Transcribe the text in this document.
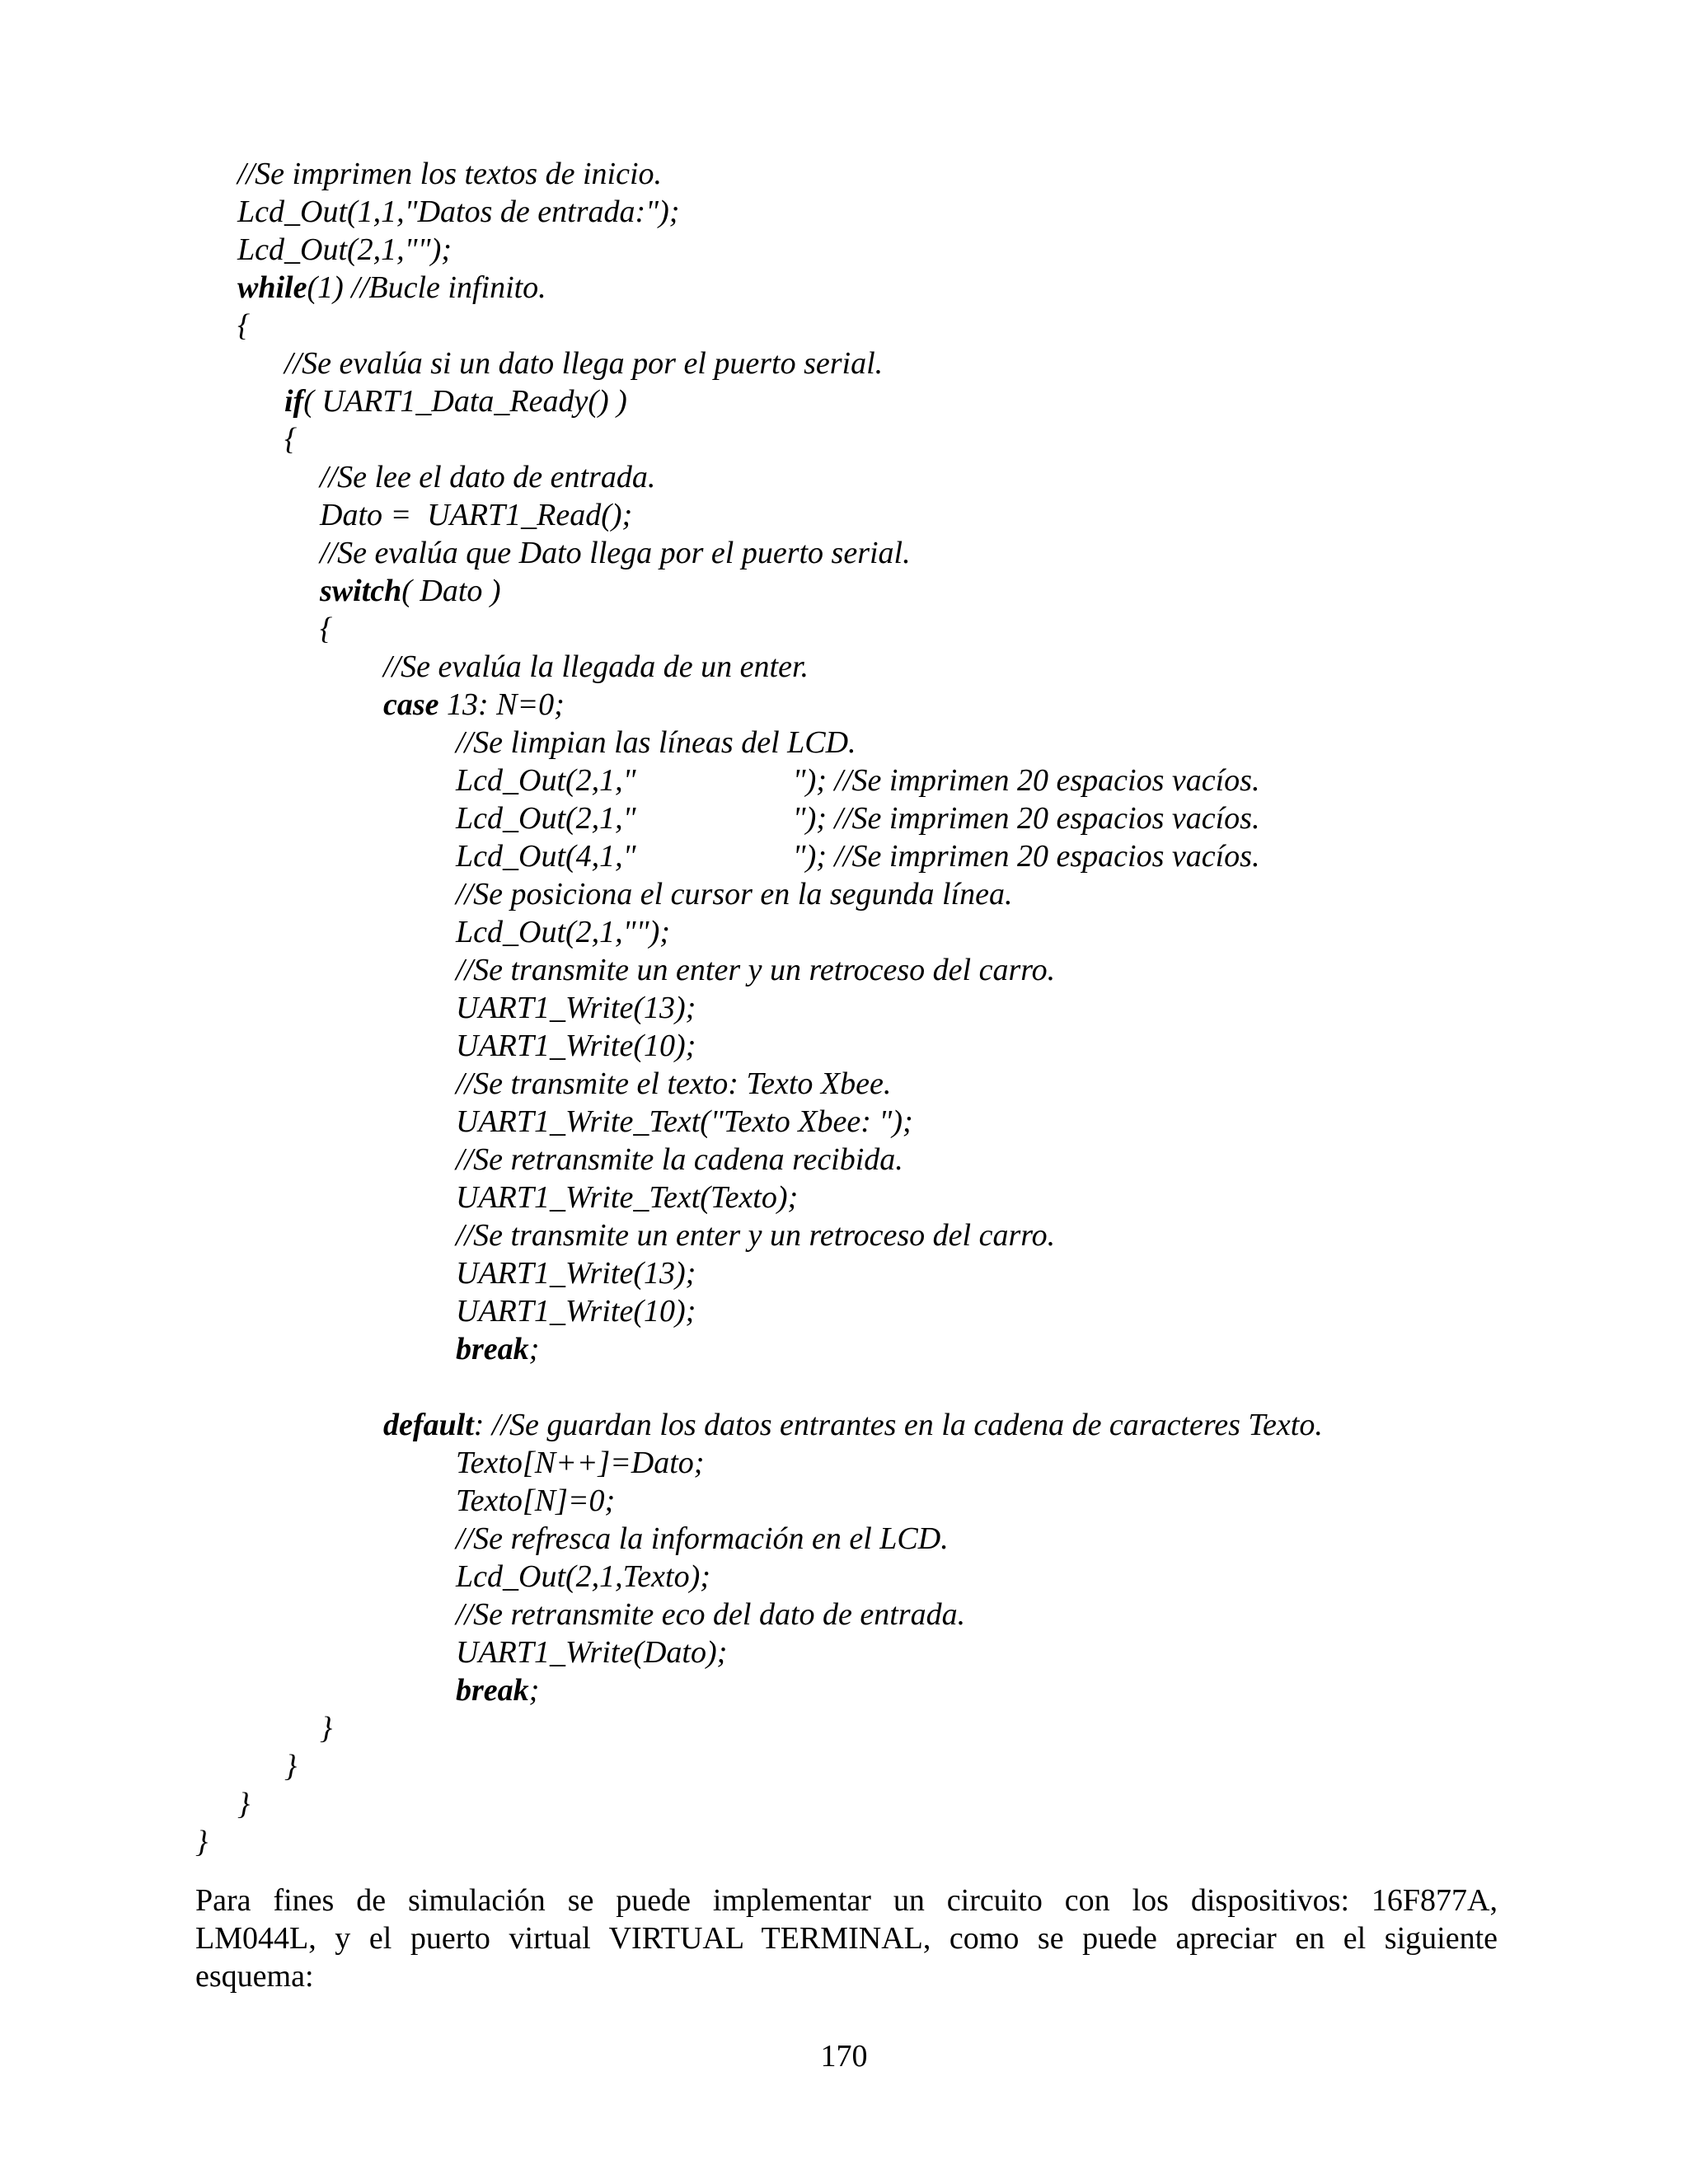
//Se imprimen los textos de inicio.
Lcd_Out(1,1,"Datos de entrada:");
Lcd_Out(2,1,"");
while(1) //Bucle infinito.
{
//Se evalúa si un dato llega por el puerto serial.
if( UART1_Data_Ready() )
{
//Se lee el dato de entrada.
Dato =  UART1_Read();
//Se evalúa que Dato llega por el puerto serial.
switch( Dato )
{
//Se evalúa la llegada de un enter.
case 13: N=0;
//Se limpian las líneas del LCD.
Lcd_Out(2,1,"                    "); //Se imprimen 20 espacios vacíos.
Lcd_Out(2,1,"                    "); //Se imprimen 20 espacios vacíos.
Lcd_Out(4,1,"                    "); //Se imprimen 20 espacios vacíos.
//Se posiciona el cursor en la segunda línea.
Lcd_Out(2,1,"");
//Se transmite un enter y un retroceso del carro.
UART1_Write(13);
UART1_Write(10);
//Se transmite el texto: Texto Xbee.
UART1_Write_Text("Texto Xbee: ");
//Se retransmite la cadena recibida.
UART1_Write_Text(Texto);
//Se transmite un enter y un retroceso del carro.
UART1_Write(13);
UART1_Write(10);
break;
default: //Se guardan los datos entrantes en la cadena de caracteres Texto.
Texto[N++]=Dato;
Texto[N]=0;
//Se refresca la información en el LCD.
Lcd_Out(2,1,Texto);
//Se retransmite eco del dato de entrada.
UART1_Write(Dato);
break;
}
}
}
}
Para fines de simulación se puede implementar un circuito con los dispositivos: 16F877A,
LM044L, y el puerto virtual VIRTUAL TERMINAL, como se puede apreciar en el siguiente
esquema:
170
